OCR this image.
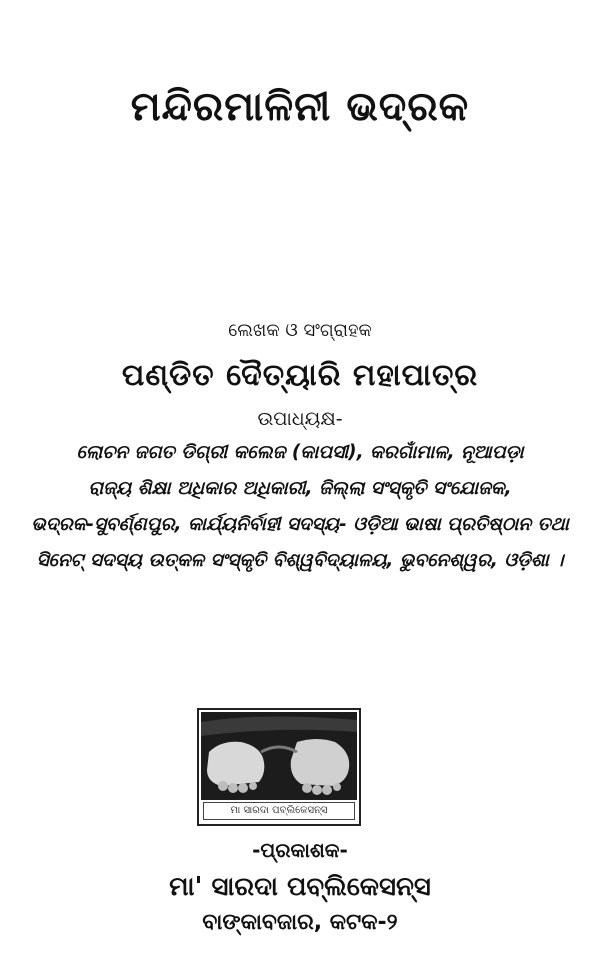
ମନ୍ଦିରମାଳିନୀ ଭଦ୍ରକ
ଲେଖକ ଓ ସଂଗ୍ରାହକ
ପଣ୍ଡିତ ଦୈତ୍ୟାରି ମହାପାତ୍ର
ଉପାଧ୍ୟକ୍ଷ-
ଲୋଚନ ଜଗତ ଡିଗ୍ରୀ କଲେଜ (କାପସୀ), କରଗାଁମାଳ, ନୂଆପଡ଼ା
ରାଜ୍ୟ ଶିକ୍ଷା ଅଧିକାର ଅଧିକାରୀ, ଜିଲ୍ଲା ସଂସ୍କୃତି ସଂଯୋଜକ,
ଭଦ୍ରକ-ସୁବର୍ଣ୍ଣପୁର, କାର୍ଯ୍ୟନିର୍ବାହୀ ସଦସ୍ୟ- ଓଡ଼ିଆ ଭାଷା ପ୍ରତିଷ୍ଠାନ ତଥା
ସିନେଟ୍ ସଦସ୍ୟ ଉତ୍କଳ ସଂସ୍କୃତି ବିଶ୍ୱବିଦ୍ୟାଳୟ, ଭୁବନେଶ୍ୱର, ଓଡ଼ିଶା ।
ମା ସାରଦା ପବ୍ଲିକେସନ୍ସ
-ପ୍ରକାଶକ-
ମା' ସାରଦା ପବ୍ଲିକେସନ୍ସ
ବାଙ୍କାବଜାର, କଟକ-୨
